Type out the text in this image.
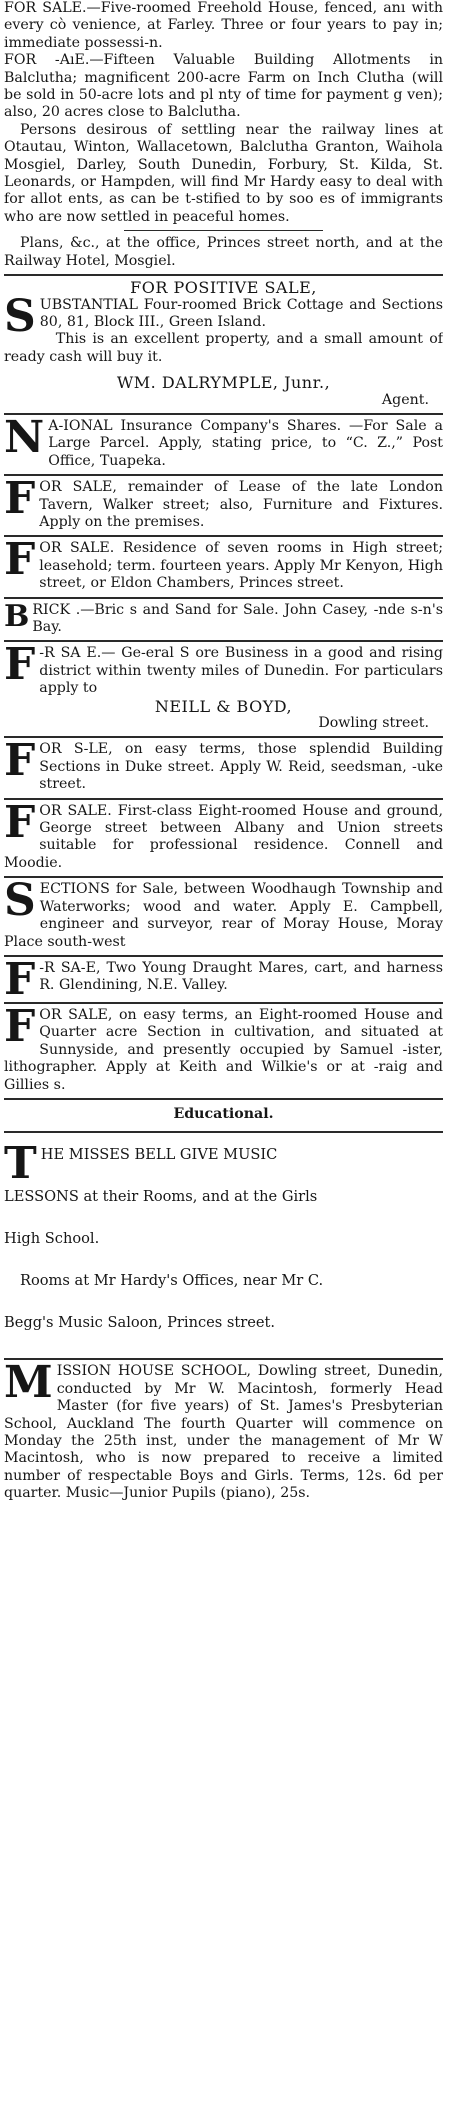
FOR SALE.—Five-roomed Freehold House, fenced, anı with every cò venience, at Farley. Three or four years to pay in; immediate possessi‑n.

FOR ‑AıE.—Fifteen Valuable Building Allotments in Balclutha; magnificent 200-acre Farm on Inch Clutha (will be sold in 50-acre lots and pl nty of time for payment g ven); also, 20 acres close to Balclutha.

Persons desirous of settling near the railway lines at Otautau, Winton, Wallacetown, Balclutha Granton, Waihola Mosgiel, Darley, South Dunedin, Forbury, St. Kilda, St. Leonards, or Hampden, will find Mr Hardy easy to deal with for allot ents, as can be t-stified to by soo es of immigrants who are now settled in peaceful homes.

Plans, &c., at the office, Princes street north, and at the Railway Hotel, Mosgiel.

FOR POSITIVE SALE,

S UBSTANTIAL Four-roomed Brick Cottage and Sections 80, 81, Block III., Green Island.

This is an excellent property, and a small amount of ready cash will buy it.

WM. DALRYMPLE, Junr.,

Agent.

N A‑IONAL Insurance Company's Shares. —For Sale a Large Parcel. Apply, stating price, to “C. Z.,” Post Office, Tuapeka.

F OR SALE, remainder of Lease of the late London Tavern, Walker street; also, Furniture and Fixtures. Apply on the premises.

F OR SALE. Residence of seven rooms in High street; leasehold; term. fourteen years. Apply Mr Kenyon, High street, or Eldon Chambers, Princes street.

B RICK .—Bric s and Sand for Sale. John Casey, ‑nde s‑n's Bay.

F ‑R SA E.— Ge‑eral S ore Business in a good and rising district within twenty miles of Dunedin. For particulars apply to

NEILL & BOYD,

Dowling street.

F OR S‑LE, on easy terms, those splendid Building Sections in Duke street. Apply W. Reid, seedsman, ‑uke street.

F OR SALE. First-class Eight-roomed House and ground, George street between Albany and Union streets suitable for professional residence. Connell and Moodie.

S ECTIONS for Sale, between Woodhaugh Township and Waterworks; wood and water. Apply E. Campbell, engineer and surveyor, rear of Moray House, Moray Place south-west

F ‑R SA‑E, Two Young Draught Mares, cart, and harness R. Glendining, N.E. Valley.

F OR SALE, on easy terms, an Eight-roomed House and Quarter acre Section in cultivation, and situated at Sunnyside, and presently occupied by Samuel ‑ister, lithographer. Apply at Keith and Wilkie's or at ‑raig and Gillies s.

Educational.

T HE MISSES BELL GIVE MUSIC

LESSONS at their Rooms, and at the Girls

High School.

Rooms at Mr Hardy's Offices, near Mr C.

Begg's Music Saloon, Princes street.

M ISSION HOUSE SCHOOL, Dowling street, Dunedin, conducted by Mr W. Macintosh, formerly Head Master (for five years) of St. James's Presbyterian School, Auckland The fourth Quarter will commence on Monday the 25th inst, under the management of Mr W Macintosh, who is now prepared to receive a limited number of respectable Boys and Girls. Terms, 12s. 6d per quarter. Music—Junior Pupils (piano), 25s.
